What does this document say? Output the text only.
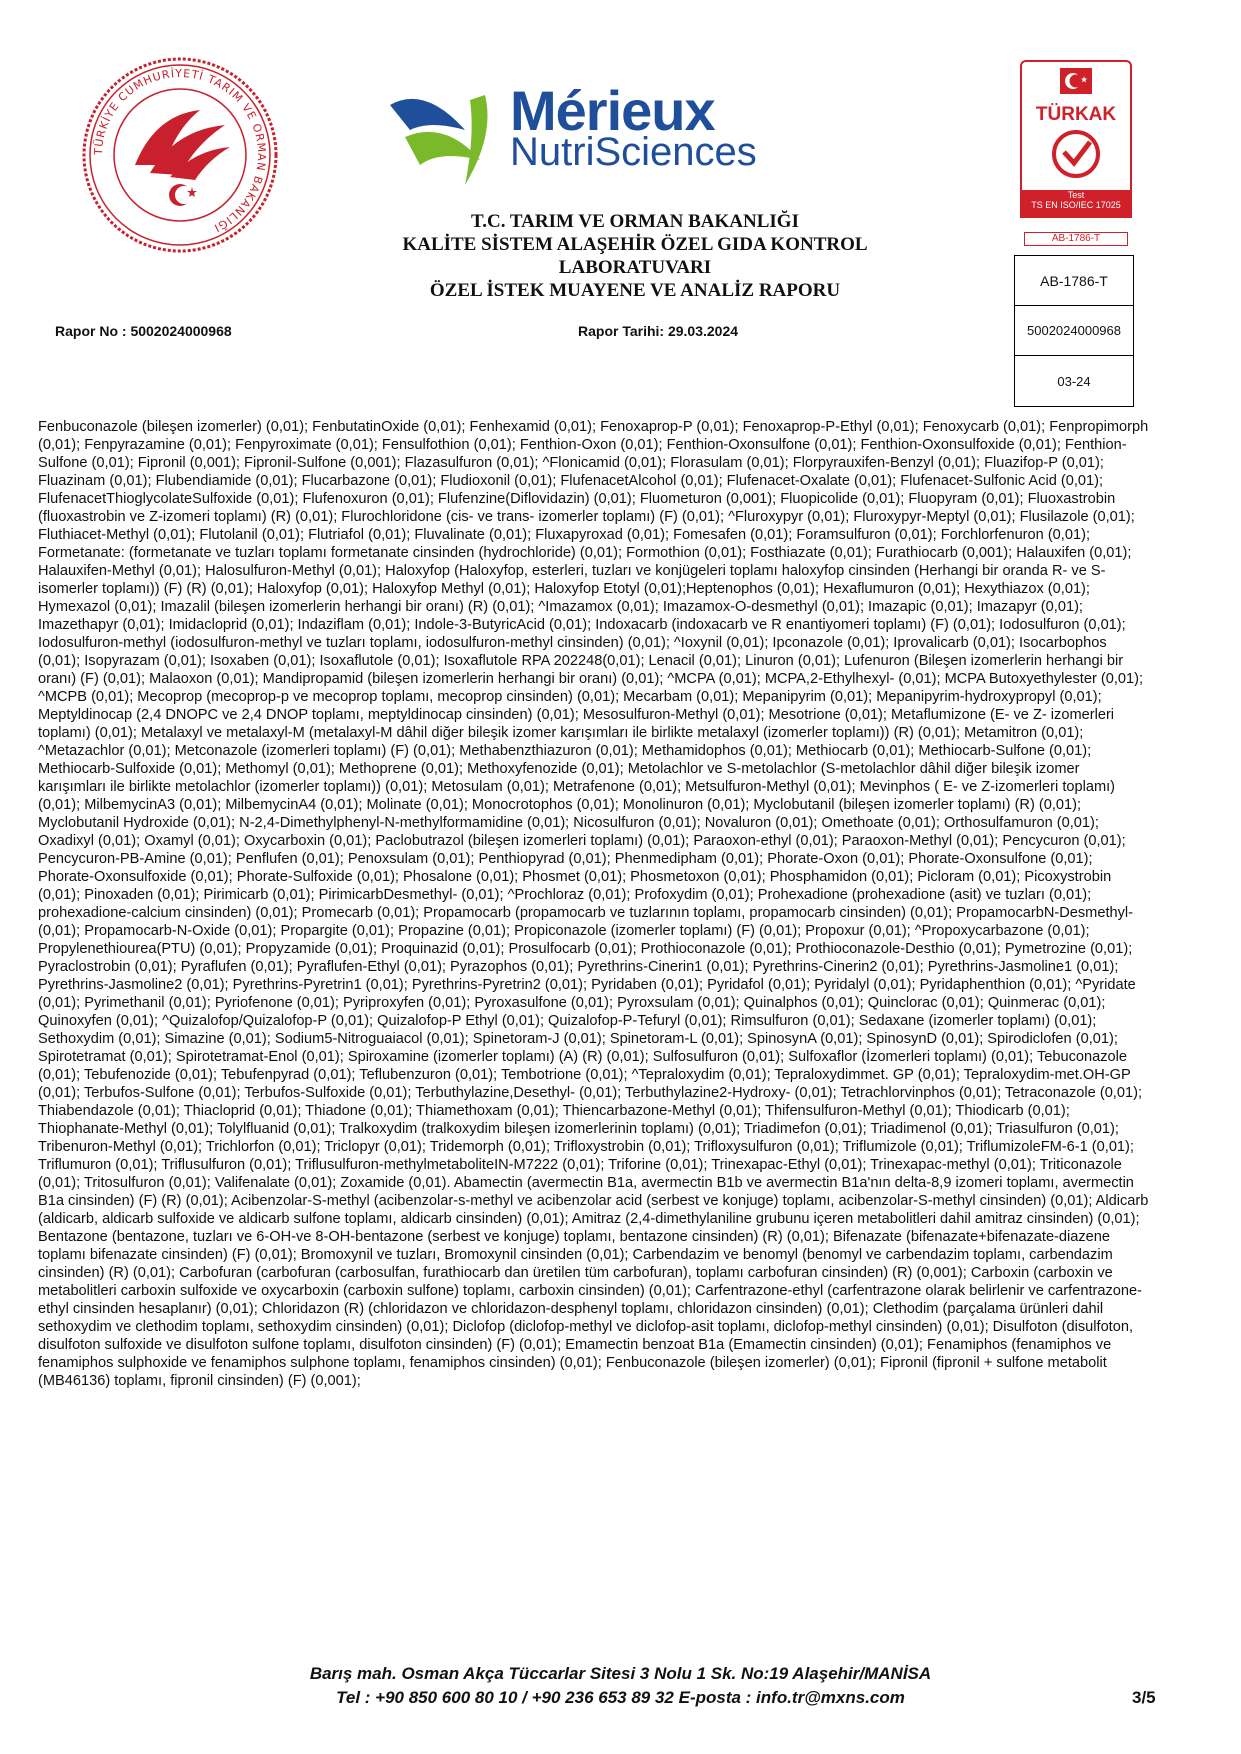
TÜRKİYE CUMHURİYETİ TARIM VE ORMAN BAKANLIĞI
Mérieux
NutriSciences
TÜRKAK
Test
TS EN ISO/IEC 17025
AB-1786-T
AB-1786-T
5002024000968
03-24
T.C. TARIM VE ORMAN BAKANLIĞI
KALİTE SİSTEM ALAŞEHİR ÖZEL GIDA KONTROL
LABORATUVARI
ÖZEL İSTEK MUAYENE VE ANALİZ RAPORU
Rapor No : 5002024000968	Rapor Tarihi: 29.03.2024
Fenbuconazole (bileşen izomerler) (0,01); FenbutatinOxide (0,01); Fenhexamid (0,01); Fenoxaprop-P (0,01); Fenoxaprop-P-Ethyl (0,01); Fenoxycarb (0,01); Fenpropimorph (0,01); Fenpyrazamine (0,01); Fenpyroximate (0,01); Fensulfothion (0,01); Fenthion-Oxon (0,01); Fenthion-Oxonsulfone (0,01); Fenthion-Oxonsulfoxide (0,01); Fenthion-Sulfone (0,01); Fipronil (0,001); Fipronil-Sulfone (0,001); Flazasulfuron (0,01); ^Flonicamid (0,01); Florasulam (0,01); Florpyrauxifen-Benzyl (0,01); Fluazifop-P (0,01); Fluazinam (0,01); Flubendiamide (0,01); Flucarbazone (0,01); Fludioxonil (0,01); FlufenacetAlcohol (0,01); Flufenacet-Oxalate (0,01); Flufenacet-Sulfonic Acid (0,01); FlufenacetThioglycolateSulfoxide (0,01); Flufenoxuron (0,01); Flufenzine(Diflovidazin) (0,01); Fluometuron (0,001); Fluopicolide (0,01); Fluopyram (0,01); Fluoxastrobin (fluoxastrobin ve Z-izomeri toplamı) (R) (0,01); Flurochloridone (cis- ve trans- izomerler toplamı) (F) (0,01); ^Fluroxypyr (0,01); Fluroxypyr-Meptyl (0,01); Flusilazole (0,01); Fluthiacet-Methyl (0,01); Flutolanil (0,01); Flutriafol (0,01); Fluvalinate (0,01); Fluxapyroxad (0,01); Fomesafen (0,01); Foramsulfuron (0,01); Forchlorfenuron (0,01); Formetanate: (formetanate ve tuzları toplamı formetanate cinsinden (hydrochloride) (0,01); Formothion (0,01); Fosthiazate (0,01); Furathiocarb (0,001); Halauxifen (0,01); Halauxifen-Methyl (0,01); Halosulfuron-Methyl (0,01); Haloxyfop (Haloxyfop, esterleri, tuzları ve konjügeleri toplamı haloxyfop cinsinden (Herhangi bir oranda R- ve S- isomerler toplamı)) (F) (R) (0,01); Haloxyfop (0,01); Haloxyfop Methyl (0,01); Haloxyfop Etotyl (0,01);Heptenophos (0,01); Hexaflumuron (0,01); Hexythiazox (0,01); Hymexazol (0,01); Imazalil (bileşen izomerlerin herhangi bir oranı) (R) (0,01); ^Imazamox (0,01); Imazamox-O-desmethyl (0,01); Imazapic (0,01); Imazapyr (0,01); Imazethapyr (0,01); Imidacloprid (0,01); Indaziflam (0,01); Indole-3-ButyricAcid (0,01); Indoxacarb (indoxacarb ve R enantiyomeri toplamı) (F) (0,01); Iodosulfuron (0,01); Iodosulfuron-methyl (iodosulfuron-methyl ve tuzları toplamı, iodosulfuron-methyl cinsinden) (0,01); ^Ioxynil (0,01); Ipconazole (0,01); Iprovalicarb (0,01); Isocarbophos (0,01); Isopyrazam (0,01); Isoxaben (0,01); Isoxaflutole (0,01); Isoxaflutole RPA 202248(0,01); Lenacil (0,01); Linuron (0,01); Lufenuron (Bileşen izomerlerin herhangi bir oranı) (F) (0,01); Malaoxon (0,01); Mandipropamid (bileşen izomerlerin herhangi bir oranı) (0,01); ^MCPA (0,01); MCPA,2-Ethylhexyl- (0,01); MCPA Butoxyethylester (0,01); ^MCPB (0,01); Mecoprop (mecoprop-p ve mecoprop toplamı, mecoprop cinsinden) (0,01); Mecarbam (0,01); Mepanipyrim (0,01); Mepanipyrim-hydroxypropyl (0,01); Meptyldinocap (2,4 DNOPC ve 2,4 DNOP toplamı, meptyldinocap cinsinden) (0,01); Mesosulfuron-Methyl (0,01); Mesotrione (0,01); Metaflumizone (E- ve Z- izomerleri toplamı) (0,01); Metalaxyl ve metalaxyl-M (metalaxyl-M dâhil diğer bileşik izomer karışımları ile birlikte metalaxyl (izomerler toplamı)) (R) (0,01); Metamitron (0,01); ^Metazachlor (0,01); Metconazole (izomerleri toplamı) (F) (0,01); Methabenzthiazuron (0,01); Methamidophos (0,01); Methiocarb (0,01); Methiocarb-Sulfone (0,01); Methiocarb-Sulfoxide (0,01); Methomyl (0,01); Methoprene (0,01); Methoxyfenozide (0,01); Metolachlor ve S-metolachlor (S-metolachlor dâhil diğer bileşik izomer karışımları ile birlikte metolachlor (izomerler toplamı)) (0,01); Metosulam (0,01); Metrafenone (0,01); Metsulfuron-Methyl (0,01); Mevinphos ( E- ve Z-izomerleri toplamı) (0,01); MilbemycinA3 (0,01); MilbemycinA4 (0,01); Molinate (0,01); Monocrotophos (0,01); Monolinuron (0,01); Myclobutanil (bileşen izomerler toplamı) (R) (0,01); Myclobutanil Hydroxide (0,01); N-2,4-Dimethylphenyl-N-methylformamidine (0,01); Nicosulfuron (0,01); Novaluron (0,01); Omethoate (0,01); Orthosulfamuron (0,01); Oxadixyl (0,01); Oxamyl (0,01); Oxycarboxin (0,01); Paclobutrazol (bileşen izomerleri toplamı) (0,01); Paraoxon-ethyl (0,01); Paraoxon-Methyl (0,01); Pencycuron (0,01); Pencycuron-PB-Amine (0,01); Penflufen (0,01); Penoxsulam (0,01); Penthiopyrad (0,01); Phenmedipham (0,01); Phorate-Oxon (0,01); Phorate-Oxonsulfone (0,01); Phorate-Oxonsulfoxide (0,01); Phorate-Sulfoxide (0,01); Phosalone (0,01); Phosmet (0,01); Phosmetoxon (0,01); Phosphamidon (0,01); Picloram (0,01); Picoxystrobin (0,01); Pinoxaden (0,01); Pirimicarb (0,01); PirimicarbDesmethyl- (0,01); ^Prochloraz (0,01); Profoxydim (0,01); Prohexadione (prohexadione (asit) ve tuzları (0,01); prohexadione-calcium cinsinden) (0,01); Promecarb (0,01); Propamocarb (propamocarb ve tuzlarının toplamı, propamocarb cinsinden) (0,01); PropamocarbN-Desmethyl- (0,01); Propamocarb-N-Oxide (0,01); Propargite (0,01); Propazine (0,01); Propiconazole (izomerler toplamı) (F) (0,01); Propoxur (0,01); ^Propoxycarbazone (0,01); Propylenethiourea(PTU) (0,01); Propyzamide (0,01); Proquinazid (0,01); Prosulfocarb (0,01); Prothioconazole (0,01); Prothioconazole-Desthio (0,01); Pymetrozine (0,01); Pyraclostrobin (0,01); Pyraflufen (0,01); Pyraflufen-Ethyl (0,01); Pyrazophos (0,01); Pyrethrins-Cinerin1 (0,01); Pyrethrins-Cinerin2 (0,01); Pyrethrins-Jasmoline1 (0,01); Pyrethrins-Jasmoline2 (0,01); Pyrethrins-Pyretrin1 (0,01); Pyrethrins-Pyretrin2 (0,01); Pyridaben (0,01); Pyridafol (0,01); Pyridalyl (0,01); Pyridaphenthion (0,01); ^Pyridate (0,01); Pyrimethanil (0,01); Pyriofenone (0,01); Pyriproxyfen (0,01); Pyroxasulfone (0,01); Pyroxsulam (0,01); Quinalphos (0,01); Quinclorac (0,01); Quinmerac (0,01); Quinoxyfen (0,01); ^Quizalofop/Quizalofop-P (0,01); Quizalofop-P Ethyl (0,01); Quizalofop-P-Tefuryl (0,01); Rimsulfuron (0,01); Sedaxane (izomerler toplamı) (0,01); Sethoxydim (0,01); Simazine (0,01); Sodium5-Nitroguaiacol (0,01); Spinetoram-J (0,01); Spinetoram-L (0,01); SpinosynA (0,01); SpinosynD (0,01); Spirodiclofen (0,01); Spirotetramat (0,01); Spirotetramat-Enol (0,01); Spiroxamine (izomerler toplamı) (A) (R) (0,01); Sulfosulfuron (0,01); Sulfoxaflor (İzomerleri toplamı) (0,01); Tebuconazole (0,01); Tebufenozide (0,01); Tebufenpyrad (0,01); Teflubenzuron (0,01); Tembotrione (0,01); ^Tepraloxydim (0,01); Tepraloxydimmet. GP (0,01); Tepraloxydim-met.OH-GP (0,01); Terbufos-Sulfone (0,01); Terbufos-Sulfoxide (0,01); Terbuthylazine,Desethyl- (0,01); Terbuthylazine2-Hydroxy- (0,01); Tetrachlorvinphos (0,01); Tetraconazole (0,01); Thiabendazole (0,01); Thiacloprid (0,01); Thiadone (0,01); Thiamethoxam (0,01); Thiencarbazone-Methyl (0,01); Thifensulfuron-Methyl (0,01); Thiodicarb (0,01); Thiophanate-Methyl (0,01); Tolylfluanid (0,01); Tralkoxydim (tralkoxydim bileşen izomerlerinin toplamı) (0,01); Triadimefon (0,01); Triadimenol (0,01); Triasulfuron (0,01); Tribenuron-Methyl (0,01); Trichlorfon (0,01); Triclopyr (0,01); Tridemorph (0,01); Trifloxystrobin (0,01); Trifloxysulfuron (0,01); Triflumizole (0,01); TriflumizoleFM-6-1 (0,01); Triflumuron (0,01); Triflusulfuron (0,01); Triflusulfuron-methylmetaboliteIN-M7222 (0,01); Triforine (0,01); Trinexapac-Ethyl (0,01); Trinexapac-methyl (0,01); Triticonazole (0,01); Tritosulfuron (0,01); Valifenalate (0,01); Zoxamide (0,01). Abamectin (avermectin B1a, avermectin B1b ve avermectin B1a'nın delta-8,9 izomeri toplamı, avermectin B1a cinsinden) (F) (R) (0,01); Acibenzolar-S-methyl (acibenzolar-s-methyl ve acibenzolar acid (serbest ve konjuge) toplamı, acibenzolar-S-methyl cinsinden) (0,01); Aldicarb (aldicarb, aldicarb sulfoxide ve aldicarb sulfone toplamı, aldicarb cinsinden) (0,01); Amitraz (2,4-dimethylaniline grubunu içeren metabolitleri dahil amitraz cinsinden) (0,01); Bentazone (bentazone, tuzları ve 6-OH-ve 8-OH-bentazone (serbest ve konjuge) toplamı, bentazone cinsinden) (R) (0,01); Bifenazate (bifenazate+bifenazate-diazene toplamı bifenazate cinsinden) (F) (0,01); Bromoxynil ve tuzları, Bromoxynil cinsinden (0,01); Carbendazim ve benomyl (benomyl ve carbendazim toplamı, carbendazim cinsinden) (R) (0,01); Carbofuran (carbofuran (carbosulfan, furathiocarb dan üretilen tüm carbofuran), toplamı carbofuran cinsinden) (R) (0,001); Carboxin (carboxin ve metabolitleri carboxin sulfoxide ve oxycarboxin (carboxin sulfone) toplamı, carboxin cinsinden) (0,01); Carfentrazone-ethyl (carfentrazone olarak belirlenir ve carfentrazone-ethyl cinsinden hesaplanır) (0,01); Chloridazon (R) (chloridazon ve chloridazon-desphenyl toplamı, chloridazon cinsinden) (0,01); Clethodim (parçalama ürünleri dahil sethoxydim ve clethodim toplamı, sethoxydim cinsinden) (0,01); Diclofop (diclofop-methyl ve diclofop-asit toplamı, diclofop-methyl cinsinden) (0,01); Disulfoton (disulfoton, disulfoton sulfoxide ve disulfoton sulfone toplamı, disulfoton cinsinden) (F) (0,01); Emamectin benzoat B1a (Emamectin cinsinden) (0,01); Fenamiphos (fenamiphos ve fenamiphos sulphoxide ve fenamiphos sulphone toplamı, fenamiphos cinsinden) (0,01); Fenbuconazole (bileşen izomerler) (0,01); Fipronil (fipronil + sulfone metabolit (MB46136) toplamı, fipronil cinsinden) (F) (0,001);
Barış mah. Osman Akça Tüccarlar Sitesi 3 Nolu 1 Sk. No:19 Alaşehir/MANİSA
Tel : +90 850 600 80 10 / +90 236 653 89 32 E-posta : info.tr@mxns.com	3/5
